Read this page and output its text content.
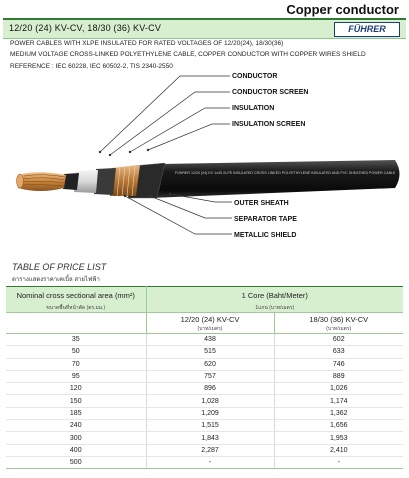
Copper conductor
12/20 (24) KV-CV, 18/30 (36) KV-CV	FÜHRER
POWER CABLES WITH XLPE INSULATED FOR RATED VOLTAGES OF 12/20(24), 18/30(36)
MEDIUM VOLTAGE CROSS-LINKED POLYETHYLENE CABLE, COPPER CONDUCTOR WITH COPPER WIRES SHIELD
REFERENCE : IEC 60228, IEC 60502-2, TIS 2340-2550
CONDUCTOR
CONDUCTOR SCREEN
INSULATION
INSULATION SCREEN
FÜHRER 12/20 (24) KV 1x35 XLPE INSULATED CROSS LINKED POLYETHYLENE INSULATED AND PVC SHEATHED POWER CABLE
OUTER SHEATH
SEPARATOR TAPE
METALLIC SHIELD
TABLE OF PRICE LIST
ตารางแสดงราคาเคเบิ้ล สายไฟฟ้า
Nominal cross sectional area (mm²)	1 Core (Baht/Meter)	
ขนาดพื้นที่หน้าตัด (ตร.มม.)	1แกน (บาท/เมตร)	
	12/20 (24) KV-CV	18/30 (36) KV-CV
	(บาท/เมตร)	(บาท/เมตร)
35	438	602
50	515	633
70	620	746
95	757	889
120	896	1,026
150	1,028	1,174
185	1,209	1,362
240	1,515	1,656
300	1,843	1,953
400	2,287	2,410
500	-	-
